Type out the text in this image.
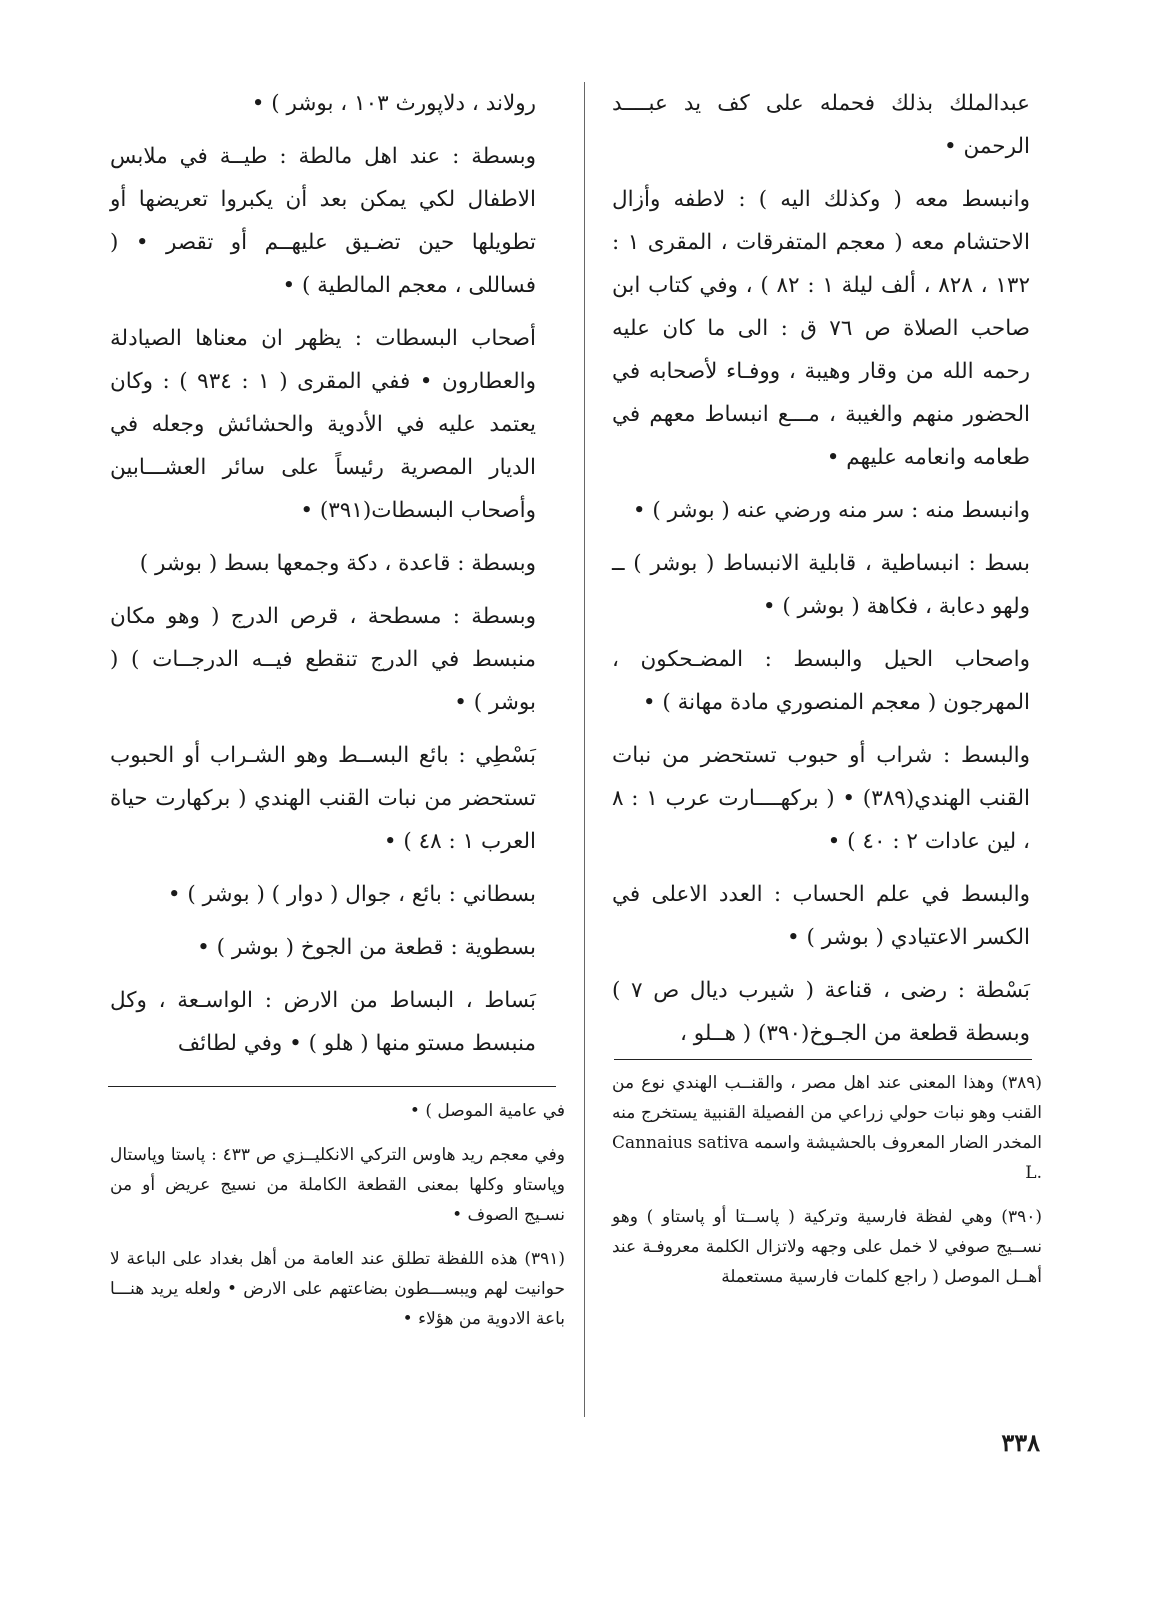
عبدالملك بذلك فحمله على كف يد عبــــد الرحمن •

وانبسط معه ( وكذلك اليه ) : لاطفه وأزال الاحتشام معه ( معجم المتفرقات ، المقرى ١ : ١٣٢ ، ٨٢٨ ، ألف ليلة ١ : ٨٢ ) ، وفي كتاب ابن صاحب الصلاة ص ٧٦ ق : الى ما كان عليه رحمه الله من وقار وهيبة ، ووفـاء لأصحابه في الحضور منهم والغيبة ، مـــع انبساط معهم في طعامه وانعامه عليهم •

وانبسط منه : سر منه ورضي عنه ( بوشر ) •

بسط : انبساطية ، قابلية الانبساط ( بوشر ) ــ ولهو دعابة ، فكاهة ( بوشر ) •

واصحاب الحيل والبسط : المضـحكون ، المهرجون ( معجم المنصوري مادة مهانة ) •

والبسط : شراب أو حبوب تستحضر من نبات القنب الهندي(٣٨٩) • ( بركهــــارت عرب ١ : ٨ ، لين عادات ٢ : ٤٠ ) •

والبسط في علم الحساب : العدد الاعلى في الكسر الاعتيادي ( بوشر ) •

بَسْطة : رضى ، قناعة ( شيرب ديال ص ٧ ) وبسطة قطعة من الجـوخ(٣٩٠) ( هــلو ،

رولاند ، دلاپورث ١٠٣ ، بوشر ) •

وبسطة : عند اهل مالطة : طيــة في ملابس الاطفال لكي يمكن بعد أن يكبروا تعريضها أو تطويلها حين تضـيق عليهــم أو تقصر • ( فساللى ، معجم المالطية ) •

أصحاب البسطات : يظهر ان معناها الصيادلة والعطارون • ففي المقرى ( ١ : ٩٣٤ ) : وكان يعتمد عليه في الأدوية والحشائش وجعله في الديار المصرية رئيساً على سائر العشـــابين وأصحاب البسطات(٣٩١) •

وبسطة : قاعدة ، دكة وجمعها بسط ( بوشر )

وبسطة : مسطحة ، قرص الدرج ( وهو مكان منبسط في الدرج تنقطع فيــه الدرجــات ) ( بوشر ) •

بَسْطِي : بائع البســط وهو الشـراب أو الحبوب تستحضر من نبات القنب الهندي ( بركهارت حياة العرب ١ : ٤٨ ) •

بسطاني : بائع ، جوال ( دوار ) ( بوشر ) •

بسطوية : قطعة من الجوخ ( بوشر ) •

بَساط ، البساط من الارض : الواسـعة ، وكل منبسط مستو منها ( هلو ) • وفي لطائف

(٣٨٩) وهذا المعنى عند اهل مصر ، والقنــب الهندي نوع من القنب وهو نبات حولي زراعي من الفصيلة القنبية يستخرج منه المخدر الضار المعروف بالحشيشة واسمه Cannaius sativa L.

(٣٩٠) وهي لفظة فارسية وتركية ( پاســتا أو پاستاو ) وهو نســيج صوفي لا خمل على وجهه ولاتزال الكلمة معروفـة عند أهــل الموصل ( راجع كلمات فارسية مستعملة

في عامية الموصل ) •

وفي معجم ريد هاوس التركي الانكليــزي ص ٤٣٣ : پاستا وپاستال وپاستاو وكلها بمعنى القطعة الكاملة من نسيج عريض أو من نسـيج الصوف •

(٣٩١) هذه اللفظة تطلق عند العامة من أهل بغداد على الباعة لا حوانيت لهم ويبســـطون بضاعتهم على الارض • ولعله يريد هنـــا باعة الادوية من هؤلاء •

٣٣٨
